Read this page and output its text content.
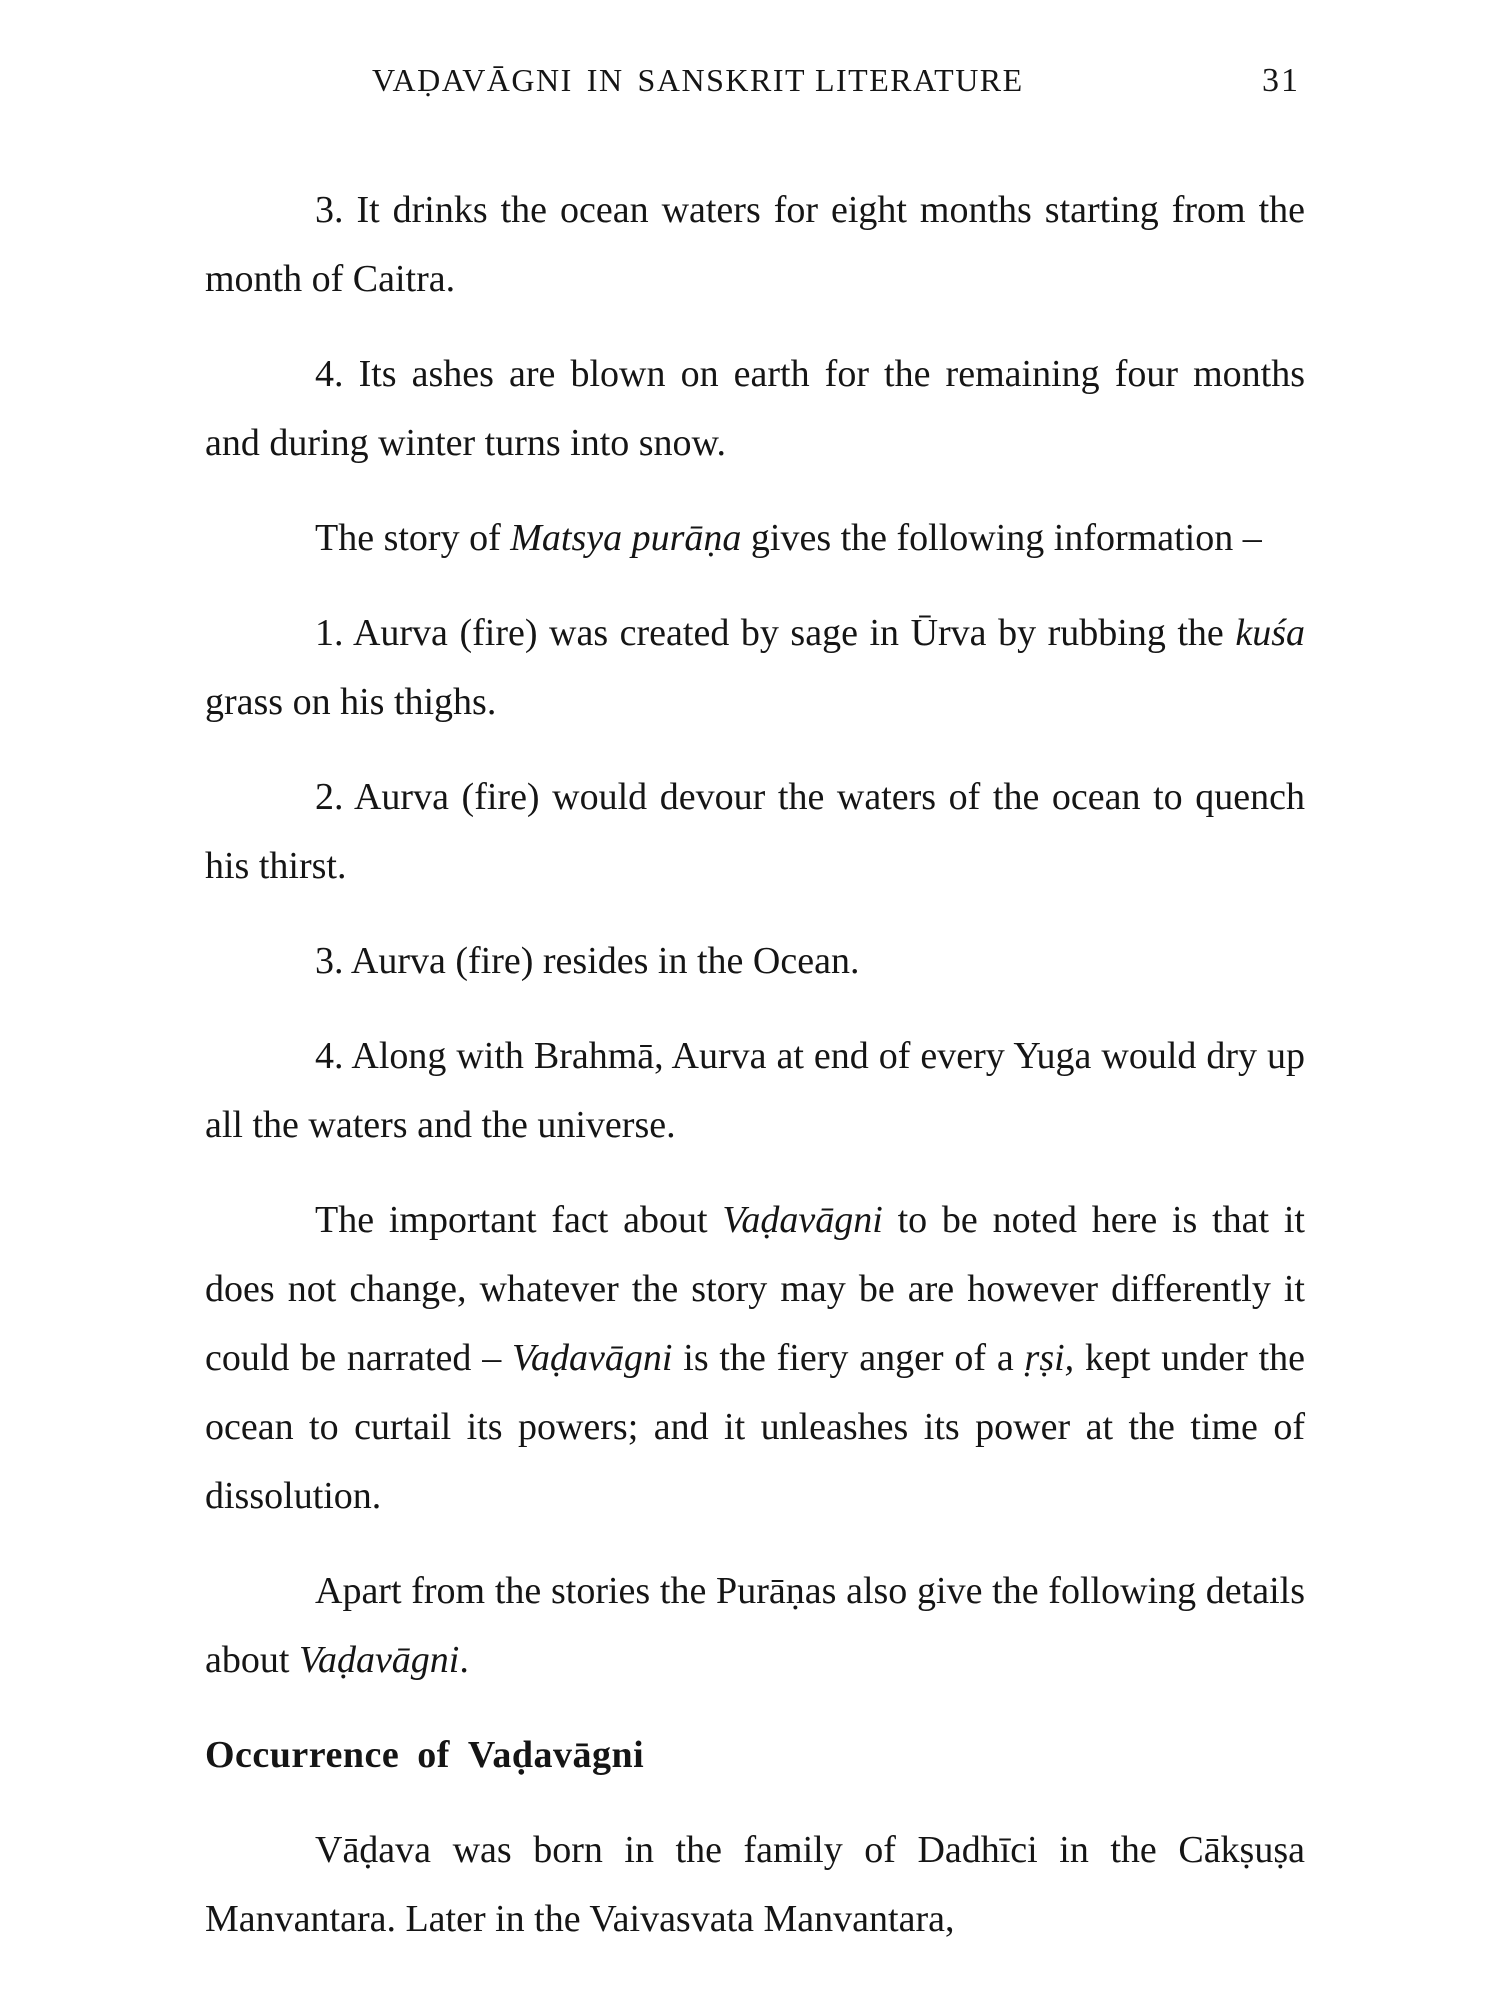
VAḌAVĀGNI IN SANSKRIT LITERATURE	31

3. It drinks the ocean waters for eight months starting from the month of Caitra.

4. Its ashes are blown on earth for the remaining four months and during winter turns into snow.

The story of Matsya purāṇa gives the following information –

1. Aurva (fire) was created by sage in Ūrva by rubbing the kuśa grass on his thighs.

2. Aurva (fire) would devour the waters of the ocean to quench his thirst.

3. Aurva (fire) resides in the Ocean.

4. Along with Brahmā, Aurva at end of every Yuga would dry up all the waters and the universe.

The important fact about Vaḍavāgni to be noted here is that it does not change, whatever the story may be are however differently it could be narrated – Vaḍavāgni is the fiery anger of a ṛṣi, kept under the ocean to curtail its powers; and it unleashes its power at the time of dissolution.

Apart from the stories the Purāṇas also give the following details about Vaḍavāgni.

Occurrence of Vaḍavāgni

Vāḍava was born in the family of Dadhīci in the Cākṣuṣa Manvantara. Later in the Vaivasvata Manvantara,
